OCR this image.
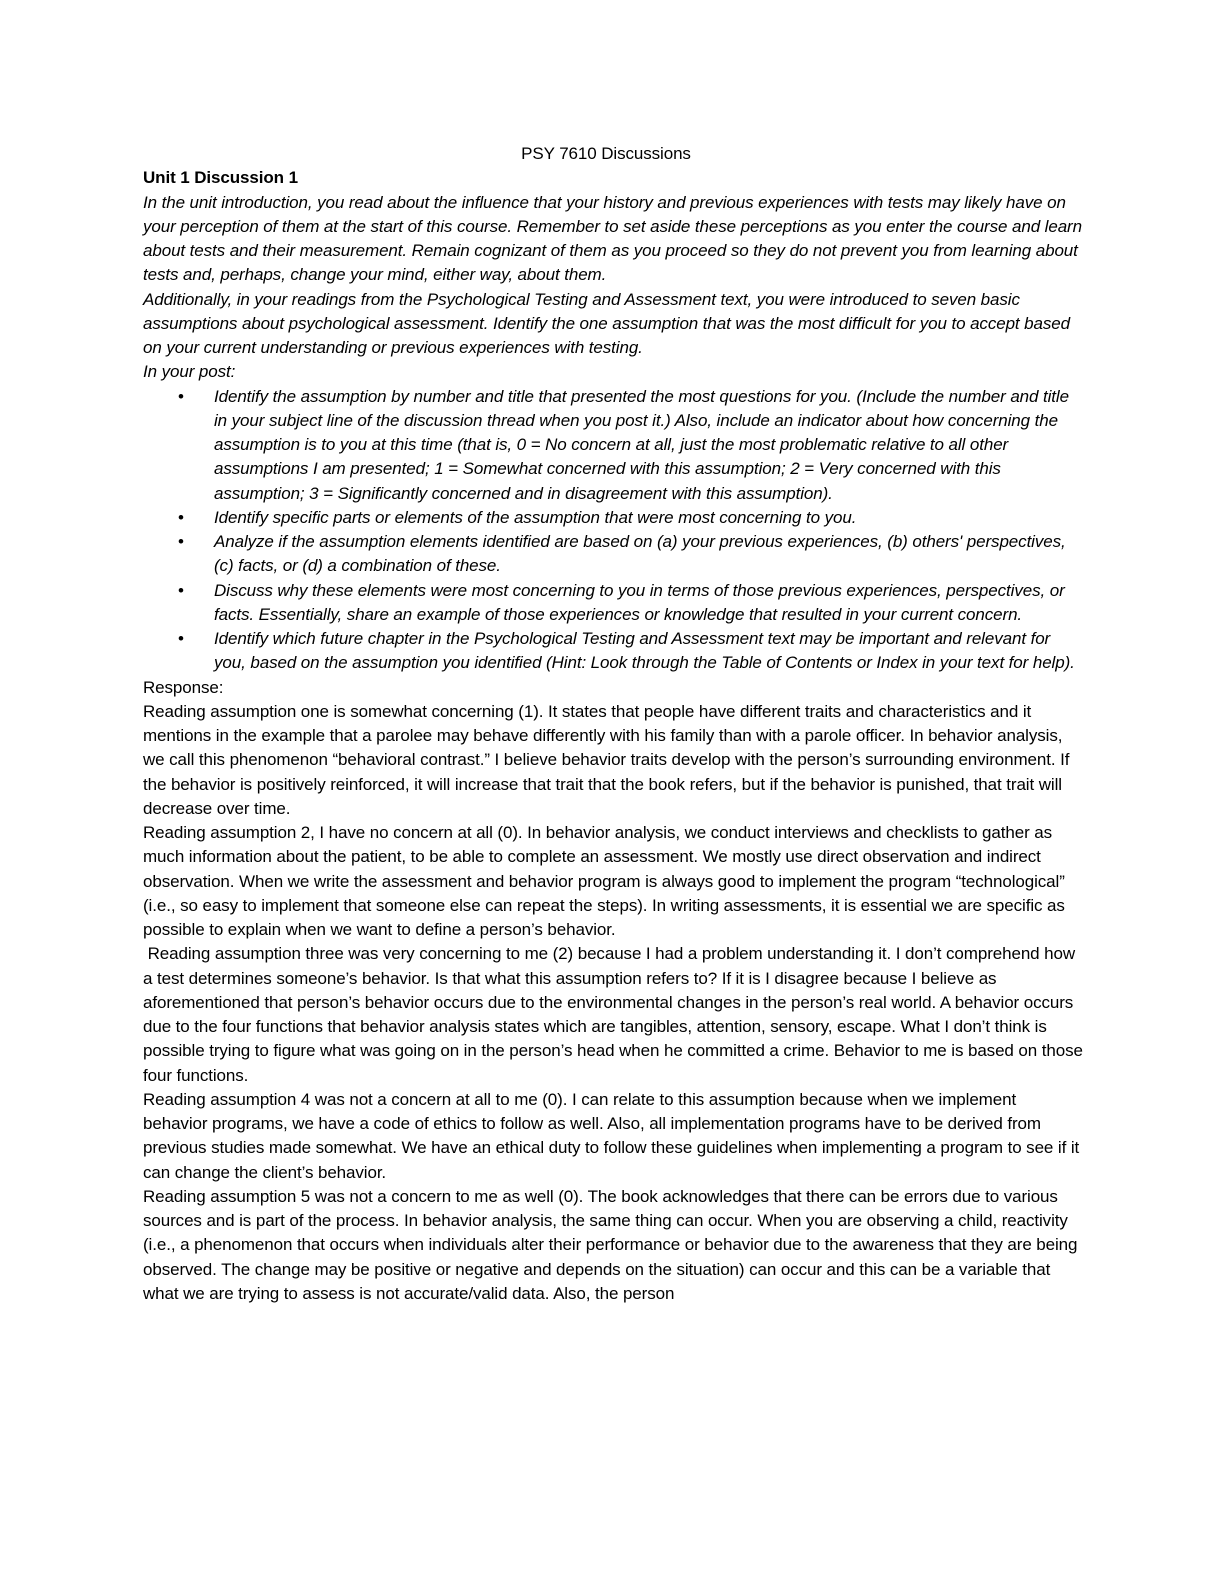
PSY 7610 Discussions

Unit 1 Discussion 1

In the unit introduction, you read about the influence that your history and previous experiences with tests may likely have on your perception of them at the start of this course. Remember to set aside these perceptions as you enter the course and learn about tests and their measurement. Remain cognizant of them as you proceed so they do not prevent you from learning about tests and, perhaps, change your mind, either way, about them.

Additionally, in your readings from the Psychological Testing and Assessment text, you were introduced to seven basic assumptions about psychological assessment. Identify the one assumption that was the most difficult for you to accept based on your current understanding or previous experiences with testing.

In your post:

• Identify the assumption by number and title that presented the most questions for you. (Include the number and title in your subject line of the discussion thread when you post it.) Also, include an indicator about how concerning the assumption is to you at this time (that is, 0 = No concern at all, just the most problematic relative to all other assumptions I am presented; 1 = Somewhat concerned with this assumption; 2 = Very concerned with this assumption; 3 = Significantly concerned and in disagreement with this assumption).
• Identify specific parts or elements of the assumption that were most concerning to you.
• Analyze if the assumption elements identified are based on (a) your previous experiences, (b) others' perspectives, (c) facts, or (d) a combination of these.
• Discuss why these elements were most concerning to you in terms of those previous experiences, perspectives, or facts. Essentially, share an example of those experiences or knowledge that resulted in your current concern.
• Identify which future chapter in the Psychological Testing and Assessment text may be important and relevant for you, based on the assumption you identified (Hint: Look through the Table of Contents or Index in your text for help).

Response:

Reading assumption one is somewhat concerning (1). It states that people have different traits and characteristics and it mentions in the example that a parolee may behave differently with his family than with a parole officer. In behavior analysis, we call this phenomenon “behavioral contrast.” I believe behavior traits develop with the person’s surrounding environment. If the behavior is positively reinforced, it will increase that trait that the book refers, but if the behavior is punished, that trait will decrease over time.

Reading assumption 2, I have no concern at all (0). In behavior analysis, we conduct interviews and checklists to gather as much information about the patient, to be able to complete an assessment. We mostly use direct observation and indirect observation. When we write the assessment and behavior program is always good to implement the program “technological” (i.e., so easy to implement that someone else can repeat the steps). In writing assessments, it is essential we are specific as possible to explain when we want to define a person’s behavior.

Reading assumption three was very concerning to me (2) because I had a problem understanding it. I don’t comprehend how a test determines someone’s behavior. Is that what this assumption refers to? If it is I disagree because I believe as aforementioned that person’s behavior occurs due to the environmental changes in the person’s real world. A behavior occurs due to the four functions that behavior analysis states which are tangibles, attention, sensory, escape. What I don’t think is possible trying to figure what was going on in the person’s head when he committed a crime. Behavior to me is based on those four functions.

Reading assumption 4 was not a concern at all to me (0). I can relate to this assumption because when we implement behavior programs, we have a code of ethics to follow as well. Also, all implementation programs have to be derived from previous studies made somewhat. We have an ethical duty to follow these guidelines when implementing a program to see if it can change the client’s behavior.

Reading assumption 5 was not a concern to me as well (0). The book acknowledges that there can be errors due to various sources and is part of the process. In behavior analysis, the same thing can occur. When you are observing a child, reactivity (i.e., a phenomenon that occurs when individuals alter their performance or behavior due to the awareness that they are being observed. The change may be positive or negative and depends on the situation) can occur and this can be a variable that what we are trying to assess is not accurate/valid data. Also, the person
